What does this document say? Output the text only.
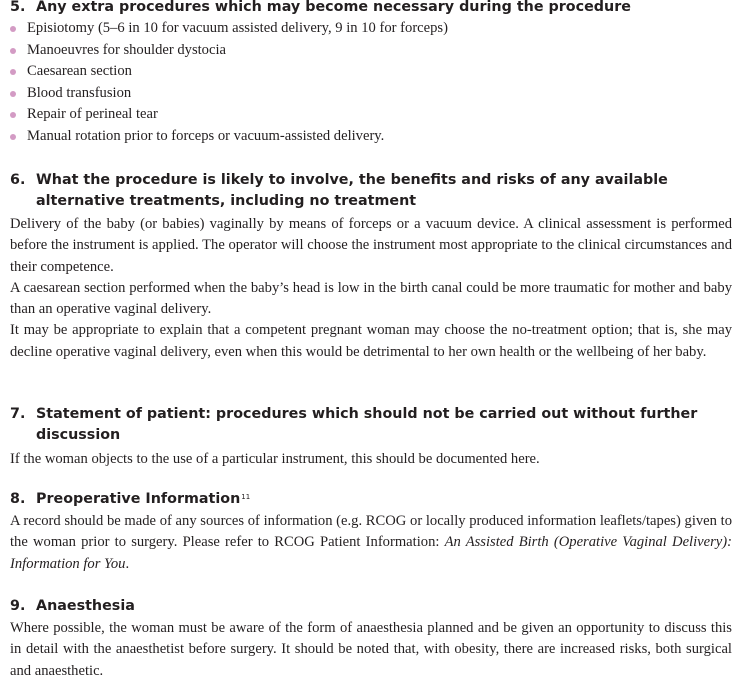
5. Any extra procedures which may become necessary during the procedure
Episiotomy (5–6 in 10 for vacuum assisted delivery, 9 in 10 for forceps)
Manoeuvres for shoulder dystocia
Caesarean section
Blood transfusion
Repair of perineal tear
Manual rotation prior to forceps or vacuum-assisted delivery.
6. What the procedure is likely to involve, the benefits and risks of any available alternative treatments, including no treatment

Delivery of the baby (or babies) vaginally by means of forceps or a vacuum device. A clinical assessment is performed before the instrument is applied. The operator will choose the instrument most appropriate to the clinical circumstances and their competence.

A caesarean section performed when the baby’s head is low in the birth canal could be more traumatic for mother and baby than an operative vaginal delivery.

It may be appropriate to explain that a competent pregnant woman may choose the no-treatment option; that is, she may decline operative vaginal delivery, even when this would be detrimental to her own health or the wellbeing of her baby.

7. Statement of patient: procedures which should not be carried out without further discussion

If the woman objects to the use of a particular instrument, this should be documented here.

8. Preoperative Information$^{11}$

A record should be made of any sources of information (e.g. RCOG or locally produced information leaflets/tapes) given to the woman prior to surgery. Please refer to RCOG Patient Information: An Assisted Birth (Operative Vaginal Delivery): Information for You.

9. Anaesthesia

Where possible, the woman must be aware of the form of anaesthesia planned and be given an opportunity to discuss this in detail with the anaesthetist before surgery. It should be noted that, with obesity, there are increased risks, both surgical and anaesthetic.
